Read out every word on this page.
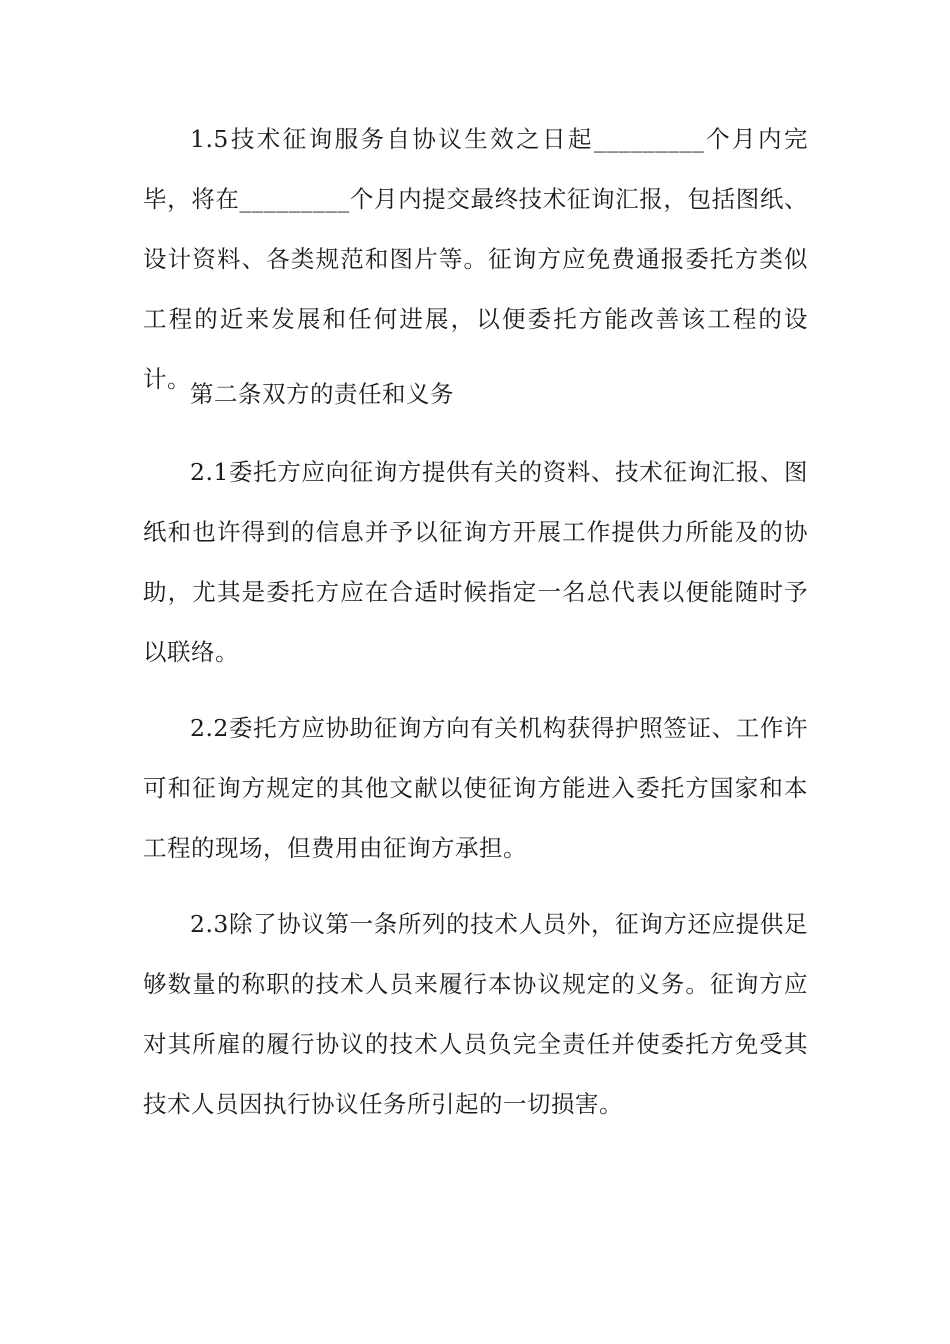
1.5技术征询服务自协议生效之日起_________个月内完毕，将在_________个月内提交最终技术征询汇报，包括图纸、设计资料、各类规范和图片等。征询方应免费通报委托方类似工程的近来发展和任何进展，以便委托方能改善该工程的设计。

第二条双方的责任和义务

2.1委托方应向征询方提供有关的资料、技术征询汇报、图纸和也许得到的信息并予以征询方开展工作提供力所能及的协助，尤其是委托方应在合适时候指定一名总代表以便能随时予以联络。

2.2委托方应协助征询方向有关机构获得护照签证、工作许可和征询方规定的其他文献以使征询方能进入委托方国家和本工程的现场，但费用由征询方承担。

2.3除了协议第一条所列的技术人员外，征询方还应提供足够数量的称职的技术人员来履行本协议规定的义务。征询方应对其所雇的履行协议的技术人员负完全责任并使委托方免受其技术人员因执行协议任务所引起的一切损害。
